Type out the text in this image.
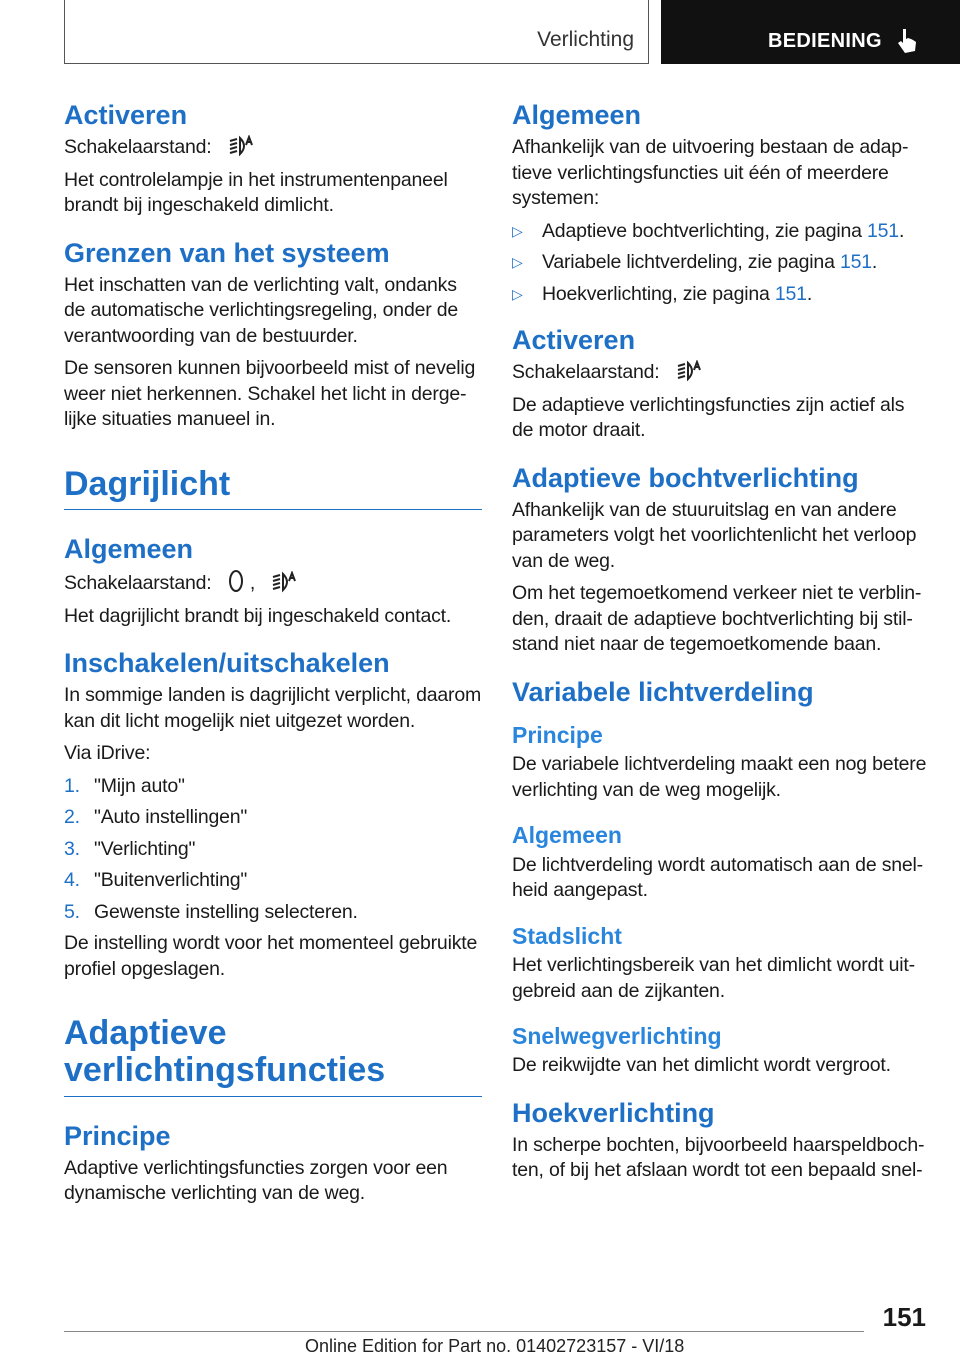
Verlichting	BEDIENING
Activeren

Schakelaarstand:

Het controlelampje in het instrumentenpaneel brandt bij ingeschakeld dimlicht.

Grenzen van het systeem

Het inschatten van de verlichting valt, ondanks de automatische verlichtingsregeling, onder de verantwoording van de bestuurder.

De sensoren kunnen bijvoorbeeld mist of nevelig weer niet herkennen. Schakel het licht in dergelijke situaties manueel in.

Dagrijlicht
Algemeen

Schakelaarstand: ,

Het dagrijlicht brandt bij ingeschakeld contact.

Inschakelen/uitschakelen

In sommige landen is dagrijlicht verplicht, daarom kan dit licht mogelijk niet uitgezet worden.

Via iDrive:

1. "Mijn auto"
2. "Auto instellingen"
3. "Verlichting"
4. "Buitenverlichting"
5. Gewenste instelling selecteren.

De instelling wordt voor het momenteel gebruikte profiel opgeslagen.

Adaptieve
verlichtingsfuncties
Principe

Adaptive verlichtingsfuncties zorgen voor een dynamische verlichting van de weg.

Algemeen

Afhankelijk van de uitvoering bestaan de adaptieve verlichtingsfuncties uit één of meerdere systemen:

▷ Adaptieve bochtverlichting, zie pagina 151.
▷ Variabele lichtverdeling, zie pagina 151.
▷ Hoekverlichting, zie pagina 151.
Activeren

Schakelaarstand:

De adaptieve verlichtingsfuncties zijn actief als de motor draait.

Adaptieve bochtverlichting

Afhankelijk van de stuuruitslag en van andere parameters volgt het voorlichtenlicht het verloop van de weg.

Om het tegemoetkomend verkeer niet te verblinden, draait de adaptieve bochtverlichting bij stilstand niet naar de tegemoetkomende baan.

Variabele lichtverdeling
Principe

De variabele lichtverdeling maakt een nog betere verlichting van de weg mogelijk.

Algemeen

De lichtverdeling wordt automatisch aan de snelheid aangepast.

Stadslicht

Het verlichtingsbereik van het dimlicht wordt uitgebreid aan de zijkanten.

Snelwegverlichting

De reikwijdte van het dimlicht wordt vergroot.

Hoekverlichting

In scherpe bochten, bijvoorbeeld haarspeldbochten, of bij het afslaan wordt tot een bepaald snel-

151
Online Edition for Part no. 01402723157 - VI/18
